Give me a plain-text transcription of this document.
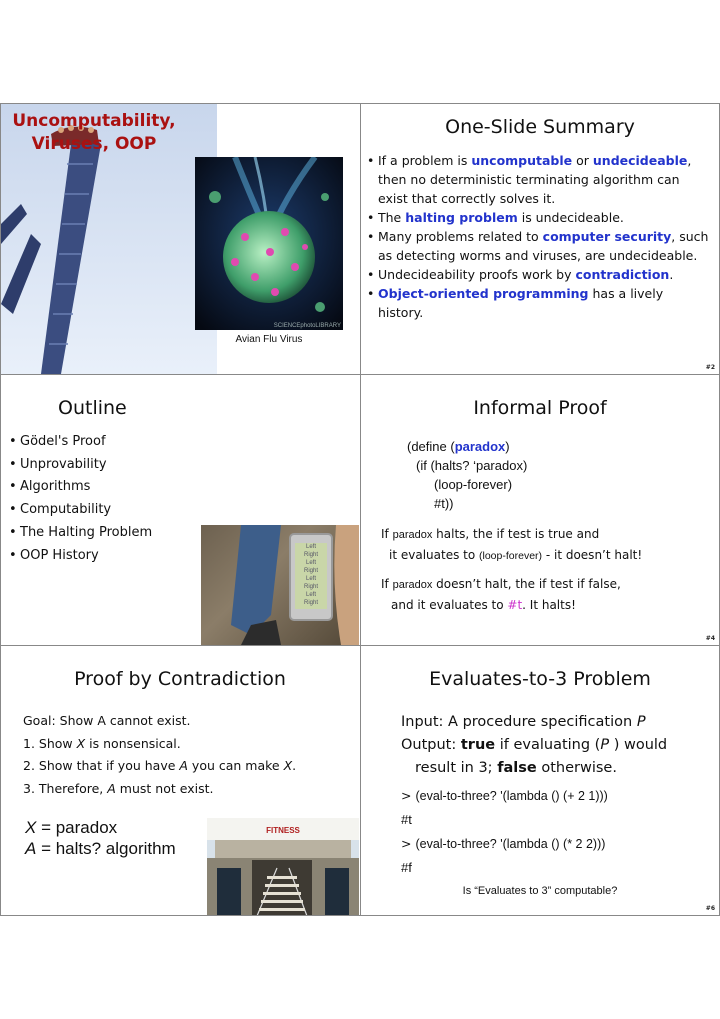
Uncomputability,
Viruses, OOP
SCIENCEphotoLIBRARY
Avian Flu Virus
One-Slide Summary
• If a problem is uncomputable or undecideable, then no deterministic terminating algorithm can exist that correctly solves it.
• The halting problem is undecideable.
• Many problems related to computer security, such as detecting worms and viruses, are undecideable.
• Undecideability proofs work by contradiction.
• Object-oriented programming has a lively history.
#2
Outline
• Gödel's Proof
• Unprovability
• Algorithms
• Computability
• The Halting Problem
• OOP History
Left
Right
Left
Right
Left
Right
Left
Right
Informal Proof
(define (paradox)
(if (halts? ‘paradox)
(loop-forever)
#t))
If paradox halts, the if test is true and
it evaluates to (loop-forever) - it doesn’t halt!
If paradox doesn’t halt, the if test if false,
and it evaluates to #t. It halts!
#4
Proof by Contradiction
Goal: Show A cannot exist.
1. Show X is nonsensical.
2. Show that if you have A you can make X.
3. Therefore, A must not exist.
X = paradox
A = halts? algorithm
FITNESS
Evaluates-to-3 Problem
Input: A procedure specification P
Output: true if evaluating (P ) would
result in 3; false otherwise.
> (eval-to-three? '(lambda () (+ 2 1)))
#t
> (eval-to-three? '(lambda () (* 2 2)))
#f
Is “Evaluates to 3” computable?
#6
